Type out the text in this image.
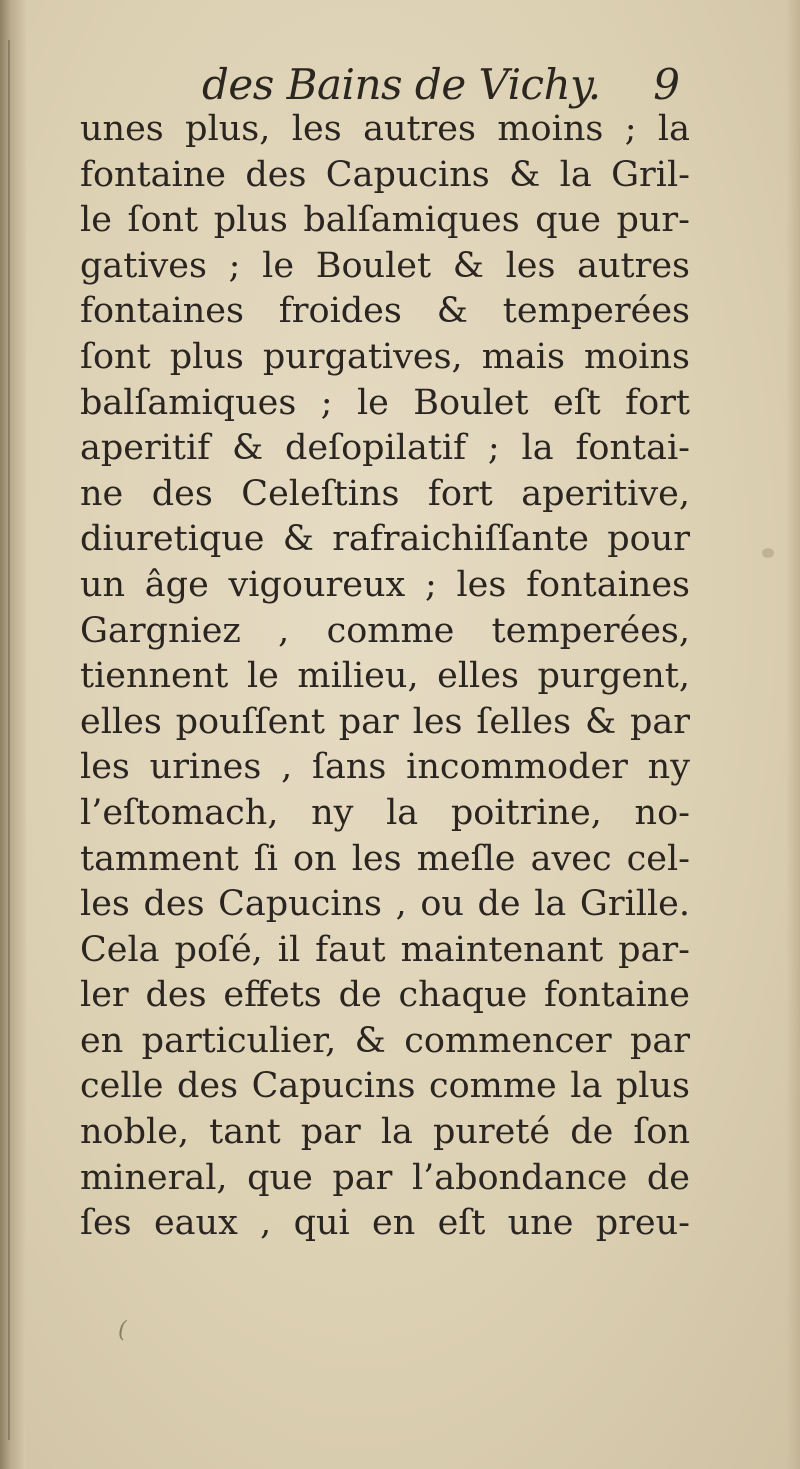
des Bains de Vichy. 9
unes plus, les autres moins ; la
fontaine des Capucins & la Gril-
le ſont plus balſamiques que pur-
gatives ; le Boulet & les autres
fontaines froides & temperées
ſont plus purgatives, mais moins
balſamiques ; le Boulet eſt fort
aperitif & deſopilatif ; la fontai-
ne des Celeſtins fort aperitive,
diuretique & rafraichiſſante pour
un âge vigoureux ; les fontaines
Gargniez , comme temperées,
tiennent le milieu, elles purgent,
elles pouſſent par les ſelles & par
les urines , ſans incommoder ny
l’eſtomach, ny la poitrine, no-
tamment ſi on les meſle avec cel-
les des Capucins , ou de la Grille.
Cela poſé, il faut maintenant par-
ler des effets de chaque fontaine
en particulier, & commencer par
celle des Capucins comme la plus
noble, tant par la pureté de ſon
mineral, que par l’abondance de
ſes eaux , qui en eſt une preu-
(
